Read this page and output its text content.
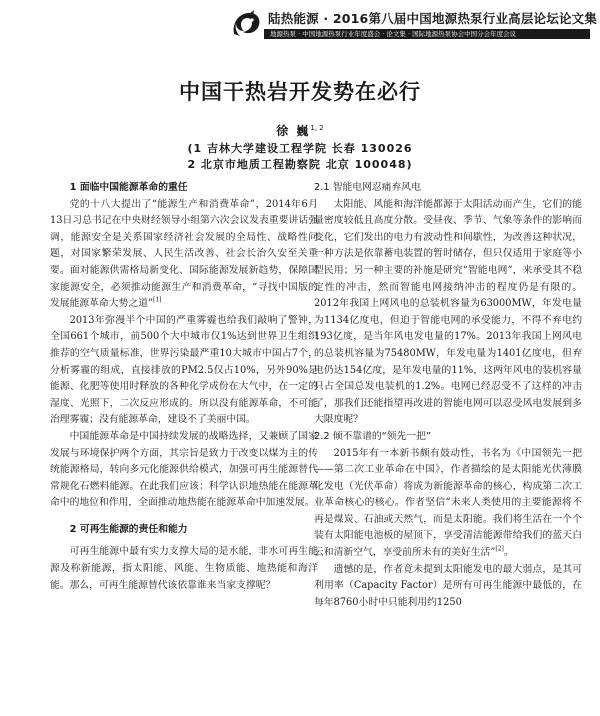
陆热能源 · 2016第八届中国地源热泵行业高层论坛论文集
地源热泵 · 中国地源热泵行业年度盛会 · 论文集 · 国际地源热泵协会中国分会年度会议
中国干热岩开发势在必行
徐 巍$^{1, 2}$
(1 吉林大学建设工程学院 长春 130026
2 北京市地质工程勘察院 北京 100048)
1 面临中国能源革命的重任

党的十八大提出了“能源生产和消费革命”，2014年6月13日习总书记在中央财经领导小组第六次会议发表重要讲话强调，能源安全是关系国家经济社会发展的全局性、战略性问题，对国家繁荣发展、人民生活改善、社会长治久安至关重要。面对能源供需格局新变化、国际能源发展新趋势，保障国家能源安全，必须推动能源生产和消费革命，“寻找中国版的发展能源革命大势之道”[1]

2013年弥漫半个中国的严重雾霾也给我们敲响了警钟，全国661个城市，前500个大中城市仅1%达到世界卫生组织推荐的空气质量标准，世界污染最严重10大城市中国占7个，分析雾霾的组成，直接排放的PM2.5仅占10%，另外90%是能源、化肥等使用时释放的各种化学成份在大气中，在一定的湿度、光照下，二次反应形成的。所以没有能源革命，不可能治理雾霾；没有能源革命，建设不了美丽中国。

中国能源革命是中国持续发展的战略选择，又兼顾了国家发展与环境保护两个方面，其宗旨是致力于改变以煤为主的传统能源格局，转向多元化能源供给模式，加强可再生能源替代常规化石燃料能源。在此我们应该：科学认识地热能在能源革命中的地位和作用，全面推动地热能在能源革命中加速发展。

2 可再生能源的责任和能力

可再生能源中最有实力支撑大局的是水能，非水可再生能源及称新能源，指太阳能、风能、生物质能、地热能和海洋能。那么，可再生能源替代该依靠谁来当家支撑呢？

2.1 智能电网忍痛弃风电

太阳能、风能和海洋能都源于太阳活动而产生，它们的能量密度较低且高度分散。受昼夜、季节、气象等条件的影响而变化，它们发出的电力有波动性和间歇性，为改善这种状况，一种方法是依靠蓄电装置的暂时储存，但只仅适用于家庭等小型民用；另一种主要的补施是研究“智能电网”，来承受其不稳定性的冲击，然而智能电网接纳冲击的程度仍是有限的。2012年我国上网风电的总装机容量为63000MW，年发电量为1134亿度电，但迫于智能电网的承受能力，不得不弃电约193亿度，是当年风电发电量的17%。2013年我国上网风电的总装机容量为75480MW，年发电量为1401亿度电，但弃电仍达154亿度，是年发电量的11%，这两年风电的装机容量只占全国总发电装机的1.2%。电网已经忍受不了这样的冲击了，那我们还能指望再改进的智能电网可以忍受风电发展到多大限度呢？

2.2 倾不靠谱的“领先一把”

2015年有一本新书颇有鼓动性，书名为《中国领先一把——第二次工业革命在中国》，作者描绘的是太阳能光伏薄膜化发电（光伏革命）将成为新能源革命的核心，构成第二次工业革命核心的核心。作者坚信“未来人类使用的主要能源将不再是煤炭、石油或天然气，而是太阳能。我们将生活在一个个装有太阳能电池板的屋顶下，享受清洁能源带给我们的蓝天白云和清新空气，享受前所未有的美好生活”[2]。

遗憾的是，作者竟未提到太阳能发电的最大弱点，是其可利用率（Capacity Factor）是所有可再生能源中最低的，在每年8760小时中只能利用约1250
